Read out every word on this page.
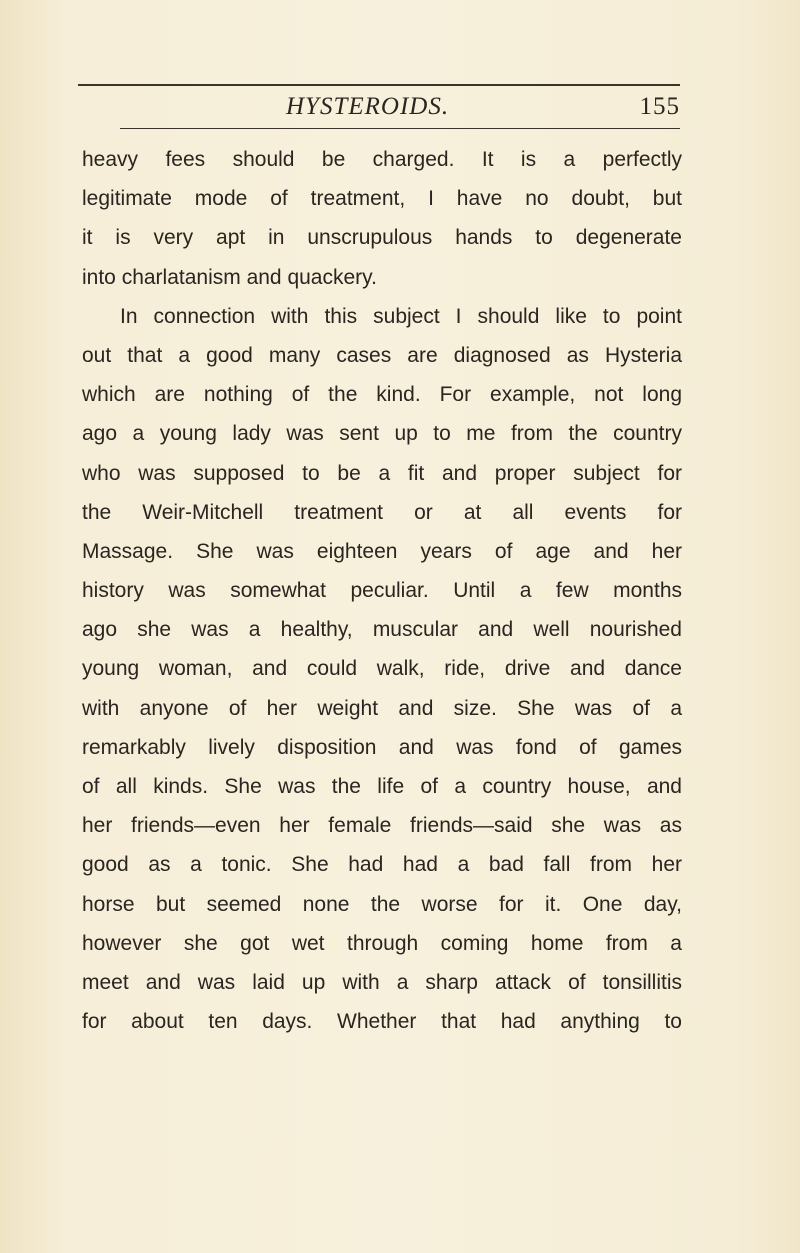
HYSTEROIDS.	155
heavy fees should be charged. It is a perfectly
legitimate mode of treatment, I have no doubt, but
it is very apt in unscrupulous hands to degenerate
into charlatanism and quackery.
In connection with this subject I should like to point
out that a good many cases are diagnosed as Hysteria
which are nothing of the kind. For example, not long
ago a young lady was sent up to me from the country
who was supposed to be a fit and proper subject for
the Weir-Mitchell treatment or at all events for
Massage. She was eighteen years of age and her
history was somewhat peculiar. Until a few months
ago she was a healthy, muscular and well nourished
young woman, and could walk, ride, drive and dance
with anyone of her weight and size. She was of a
remarkably lively disposition and was fond of games
of all kinds. She was the life of a country house, and
her friends—even her female friends—said she was as
good as a tonic. She had had a bad fall from her
horse but seemed none the worse for it. One day,
however she got wet through coming home from a
meet and was laid up with a sharp attack of tonsillitis
for about ten days. Whether that had anything to
